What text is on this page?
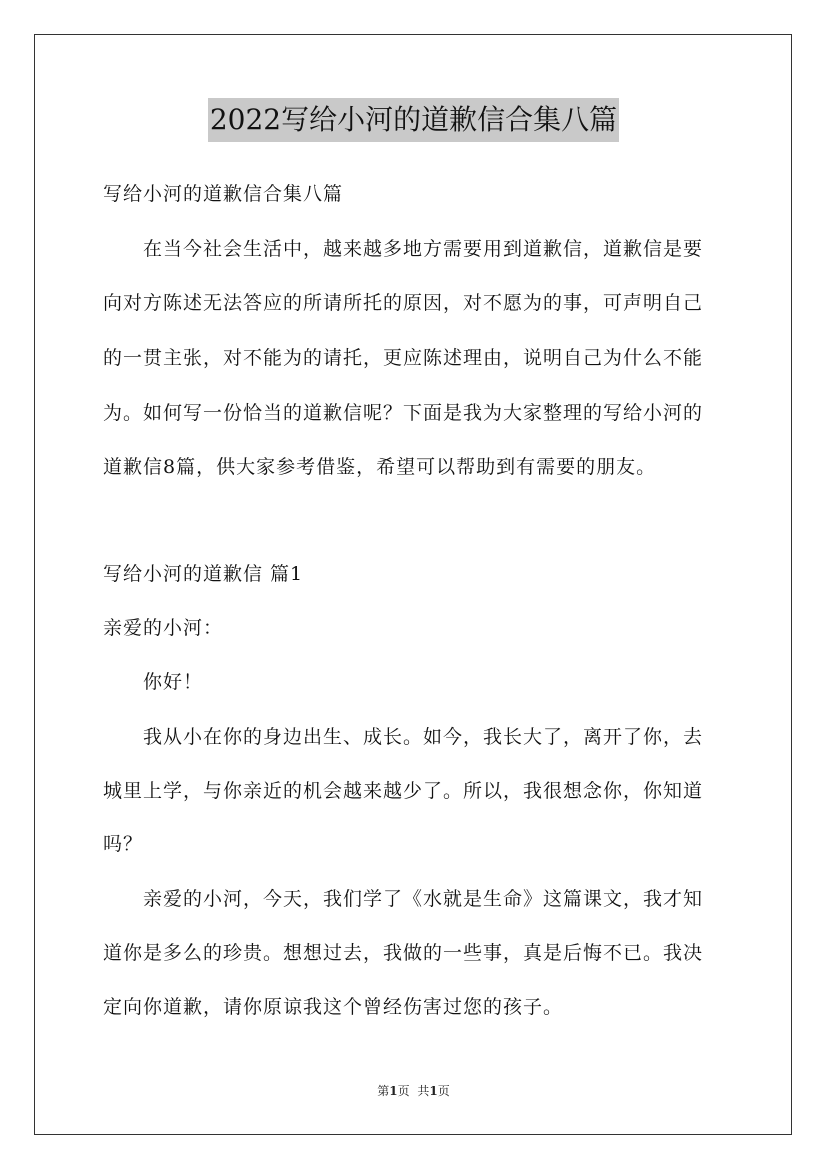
2022写给小河的道歉信合集八篇
写给小河的道歉信合集八篇
在当今社会生活中，越来越多地方需要用到道歉信，道歉信是要
向对方陈述无法答应的所请所托的原因，对不愿为的事，可声明自己
的一贯主张，对不能为的请托，更应陈述理由，说明自己为什么不能
为。如何写一份恰当的道歉信呢？下面是我为大家整理的写给小河的
道歉信8篇，供大家参考借鉴，希望可以帮助到有需要的朋友。
写给小河的道歉信 篇1
亲爱的小河：
你好！
我从小在你的身边出生、成长。如今，我长大了，离开了你，去
城里上学，与你亲近的机会越来越少了。所以，我很想念你，你知道
吗？
亲爱的小河，今天，我们学了《水就是生命》这篇课文，我才知
道你是多么的珍贵。想想过去，我做的一些事，真是后悔不已。我决
定向你道歉，请你原谅我这个曾经伤害过您的孩子。
第1页 共1页
